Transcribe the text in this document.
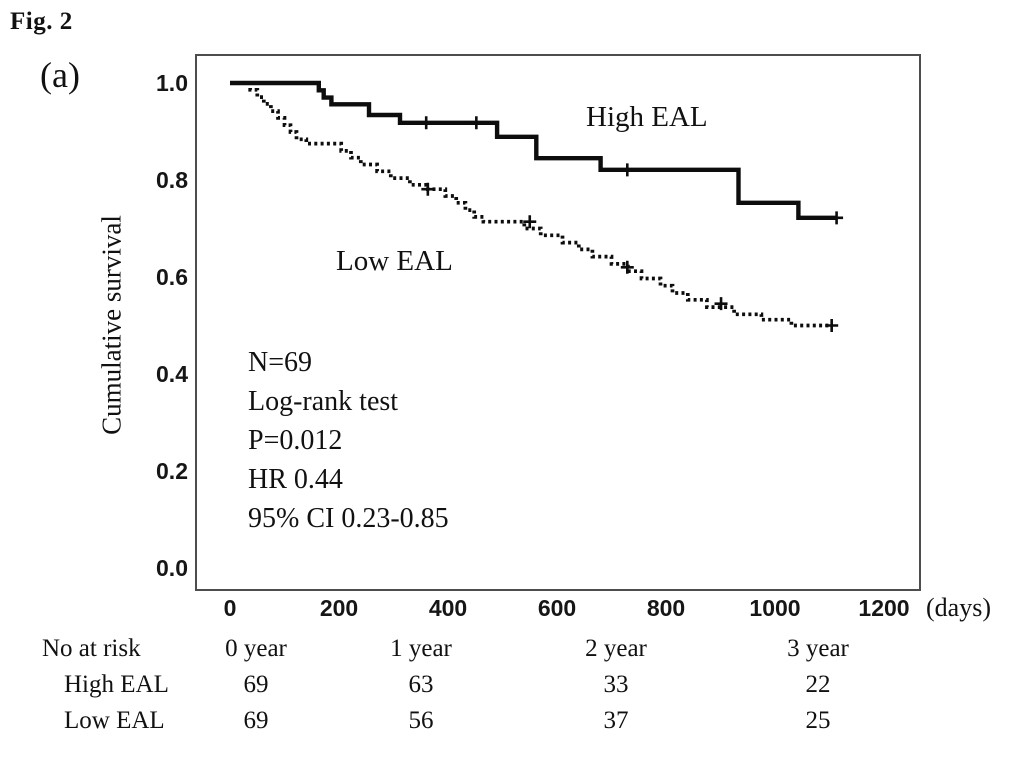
Fig. 2
(a)
Cumulative survival
1.0
0.8
0.6
0.4
0.2
0.0
0	200	400	600	800	1000	1200 (days)
High EAL
Low EAL
N=69
Log-rank test
P=0.012
HR 0.44
95% CI 0.23-0.85
No at risk	0 year	1 year	2 year	3 year
High EAL	69	63	33	22
Low EAL	69	56	37	25
